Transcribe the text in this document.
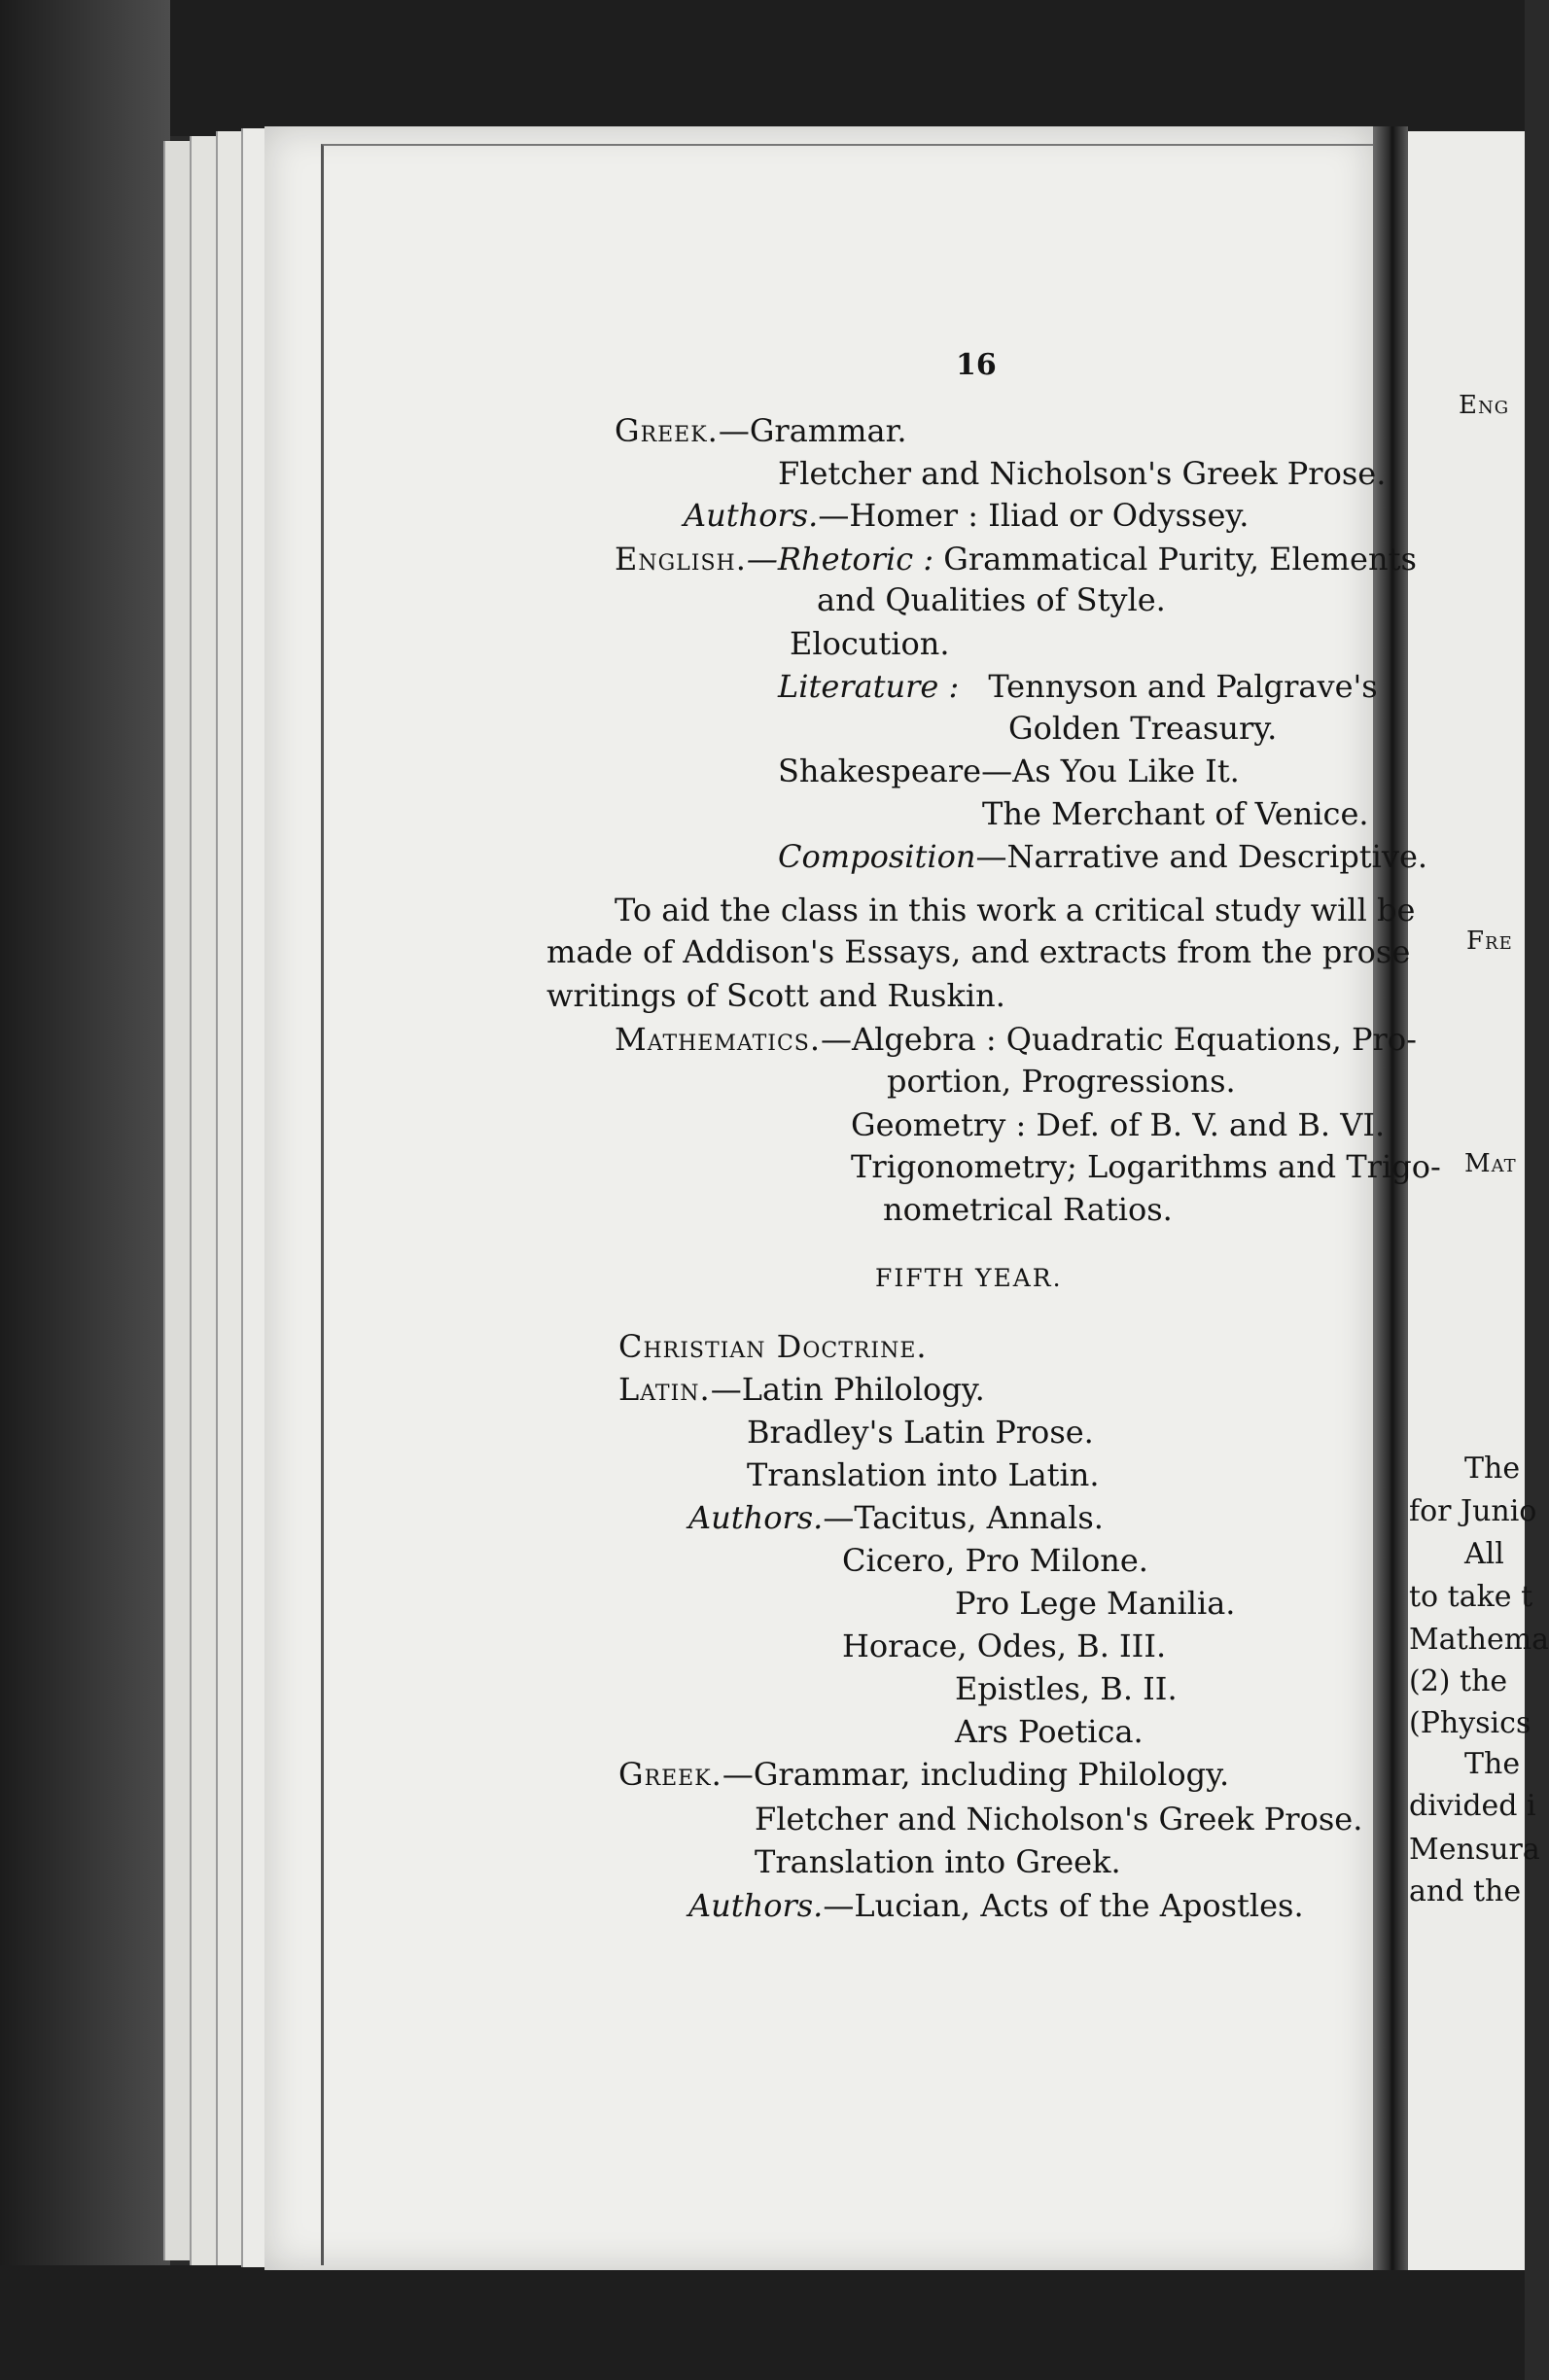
16
Greek.—Grammar.
Fletcher and Nicholson's Greek Prose.
Authors.—Homer : Iliad or Odyssey.
English.—Rhetoric : Grammatical Purity, Elements
and Qualities of Style.
Elocution.
Literature : Tennyson and Palgrave's
Golden Treasury.
Shakespeare—As You Like It.
The Merchant of Venice.
Composition—Narrative and Descriptive.
To aid the class in this work a critical study will be
made of Addison's Essays, and extracts from the prose
writings of Scott and Ruskin.
Mathematics.—Algebra : Quadratic Equations, Pro-
portion, Progressions.
Geometry : Def. of B. V. and B. VI.
Trigonometry; Logarithms and Trigo-
nometrical Ratios.
FIFTH YEAR.
Christian Doctrine.
Latin.—Latin Philology.
Bradley's Latin Prose.
Translation into Latin.
Authors.—Tacitus, Annals.
Cicero, Pro Milone.
Pro Lege Manilia.
Horace, Odes, B. III.
Epistles, B. II.
Ars Poetica.
Greek.—Grammar, including Philology.
Fletcher and Nicholson's Greek Prose.
Translation into Greek.
Authors.—Lucian, Acts of the Apostles.
Eng
Fre
Mat
The
for Junio
All
to take t
Mathema
(2) the
(Physics
The
divided i
Mensura
and the
